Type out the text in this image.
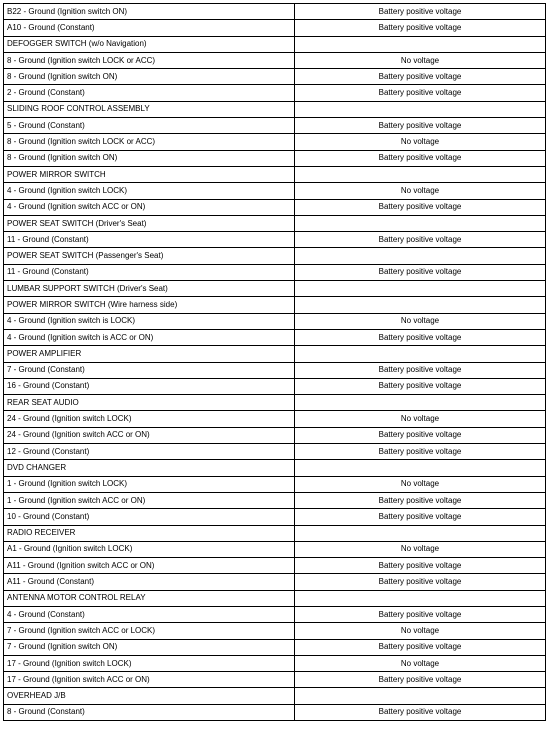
B22 - Ground (Ignition switch ON)	Battery positive voltage
A10 - Ground (Constant)	Battery positive voltage
DEFOGGER SWITCH (w/o Navigation)	
8 - Ground (Ignition switch LOCK or ACC)	No voltage
8 - Ground (Ignition switch ON)	Battery positive voltage
2 - Ground (Constant)	Battery positive voltage
SLIDING ROOF CONTROL ASSEMBLY	
5 - Ground (Constant)	Battery positive voltage
8 - Ground (Ignition switch LOCK or ACC)	No voltage
8 - Ground (Ignition switch ON)	Battery positive voltage
POWER MIRROR SWITCH	
4 - Ground (Ignition switch LOCK)	No voltage
4 - Ground (Ignition switch ACC or ON)	Battery positive voltage
POWER SEAT SWITCH (Driver's Seat)	
11 - Ground (Constant)	Battery positive voltage
POWER SEAT SWITCH (Passenger's Seat)	
11 - Ground (Constant)	Battery positive voltage
LUMBAR SUPPORT SWITCH (Driver's Seat)	
POWER MIRROR SWITCH (Wire harness side)	
4 - Ground (Ignition switch is LOCK)	No voltage
4 - Ground (Ignition switch is ACC or ON)	Battery positive voltage
POWER AMPLIFIER	
7 - Ground (Constant)	Battery positive voltage
16 - Ground (Constant)	Battery positive voltage
REAR SEAT AUDIO	
24 - Ground (Ignition switch LOCK)	No voltage
24 - Ground (Ignition switch ACC or ON)	Battery positive voltage
12 - Ground (Constant)	Battery positive voltage
DVD CHANGER	
1 - Ground (Ignition switch LOCK)	No voltage
1 - Ground (Ignition switch ACC or ON)	Battery positive voltage
10 - Ground (Constant)	Battery positive voltage
RADIO RECEIVER	
A1 - Ground (Ignition switch LOCK)	No voltage
A11 - Ground (Ignition switch ACC or ON)	Battery positive voltage
A11 - Ground (Constant)	Battery positive voltage
ANTENNA MOTOR CONTROL RELAY	
4 - Ground (Constant)	Battery positive voltage
7 - Ground (Ignition switch ACC or LOCK)	No voltage
7 - Ground (Ignition switch ON)	Battery positive voltage
17 - Ground (Ignition switch LOCK)	No voltage
17 - Ground (Ignition switch ACC or ON)	Battery positive voltage
OVERHEAD J/B	
8 - Ground (Constant)	Battery positive voltage
